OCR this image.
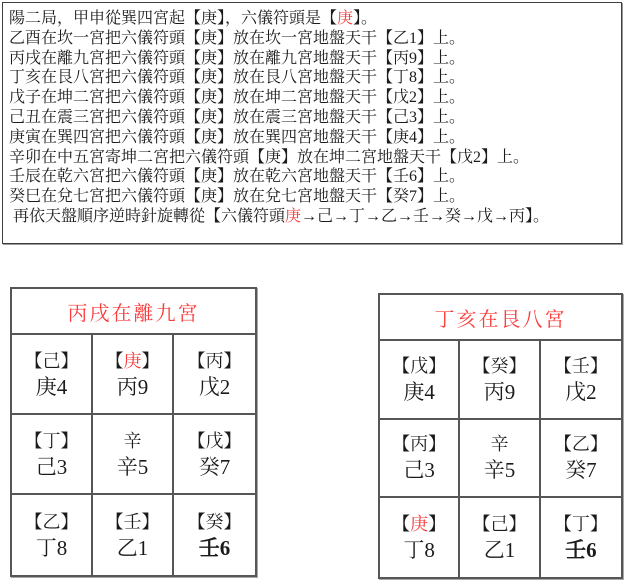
陽二局，甲申從巽四宮起【庚】，六儀符頭是【庚】。
乙酉在坎一宮把六儀符頭【庚】放在坎一宮地盤天干【乙1】上。
丙戌在離九宮把六儀符頭【庚】放在離九宮地盤天干【丙9】上。
丁亥在艮八宮把六儀符頭【庚】放在艮八宮地盤天干【丁8】上。
戊子在坤二宮把六儀符頭【庚】放在坤二宮地盤天干【戊2】上。
己丑在震三宮把六儀符頭【庚】放在震三宮地盤天干【己3】上。
庚寅在巽四宮把六儀符頭【庚】放在巽四宮地盤天干【庚4】上。
辛卯在中五宮寄坤二宮把六儀符頭【庚】放在坤二宮地盤天干【戊2】上。
壬辰在乾六宮把六儀符頭【庚】放在乾六宮地盤天干【壬6】上。
癸巳在兌七宮把六儀符頭【庚】放在兌七宮地盤天干【癸7】上。
再依天盤順序逆時針旋轉從【六儀符頭庚→己→丁→乙→壬→癸→戊→丙】。
丙戌在離九宮
【己】
庚4
【庚】
丙9
【丙】
戊2
【丁】
己3
辛
辛5
【戊】
癸7
【乙】
丁8
【壬】
乙1
【癸】
壬6
丁亥在艮八宮
【戊】
庚4
【癸】
丙9
【壬】
戊2
【丙】
己3
辛
辛5
【乙】
癸7
【庚】
丁8
【己】
乙1
【丁】
壬6
